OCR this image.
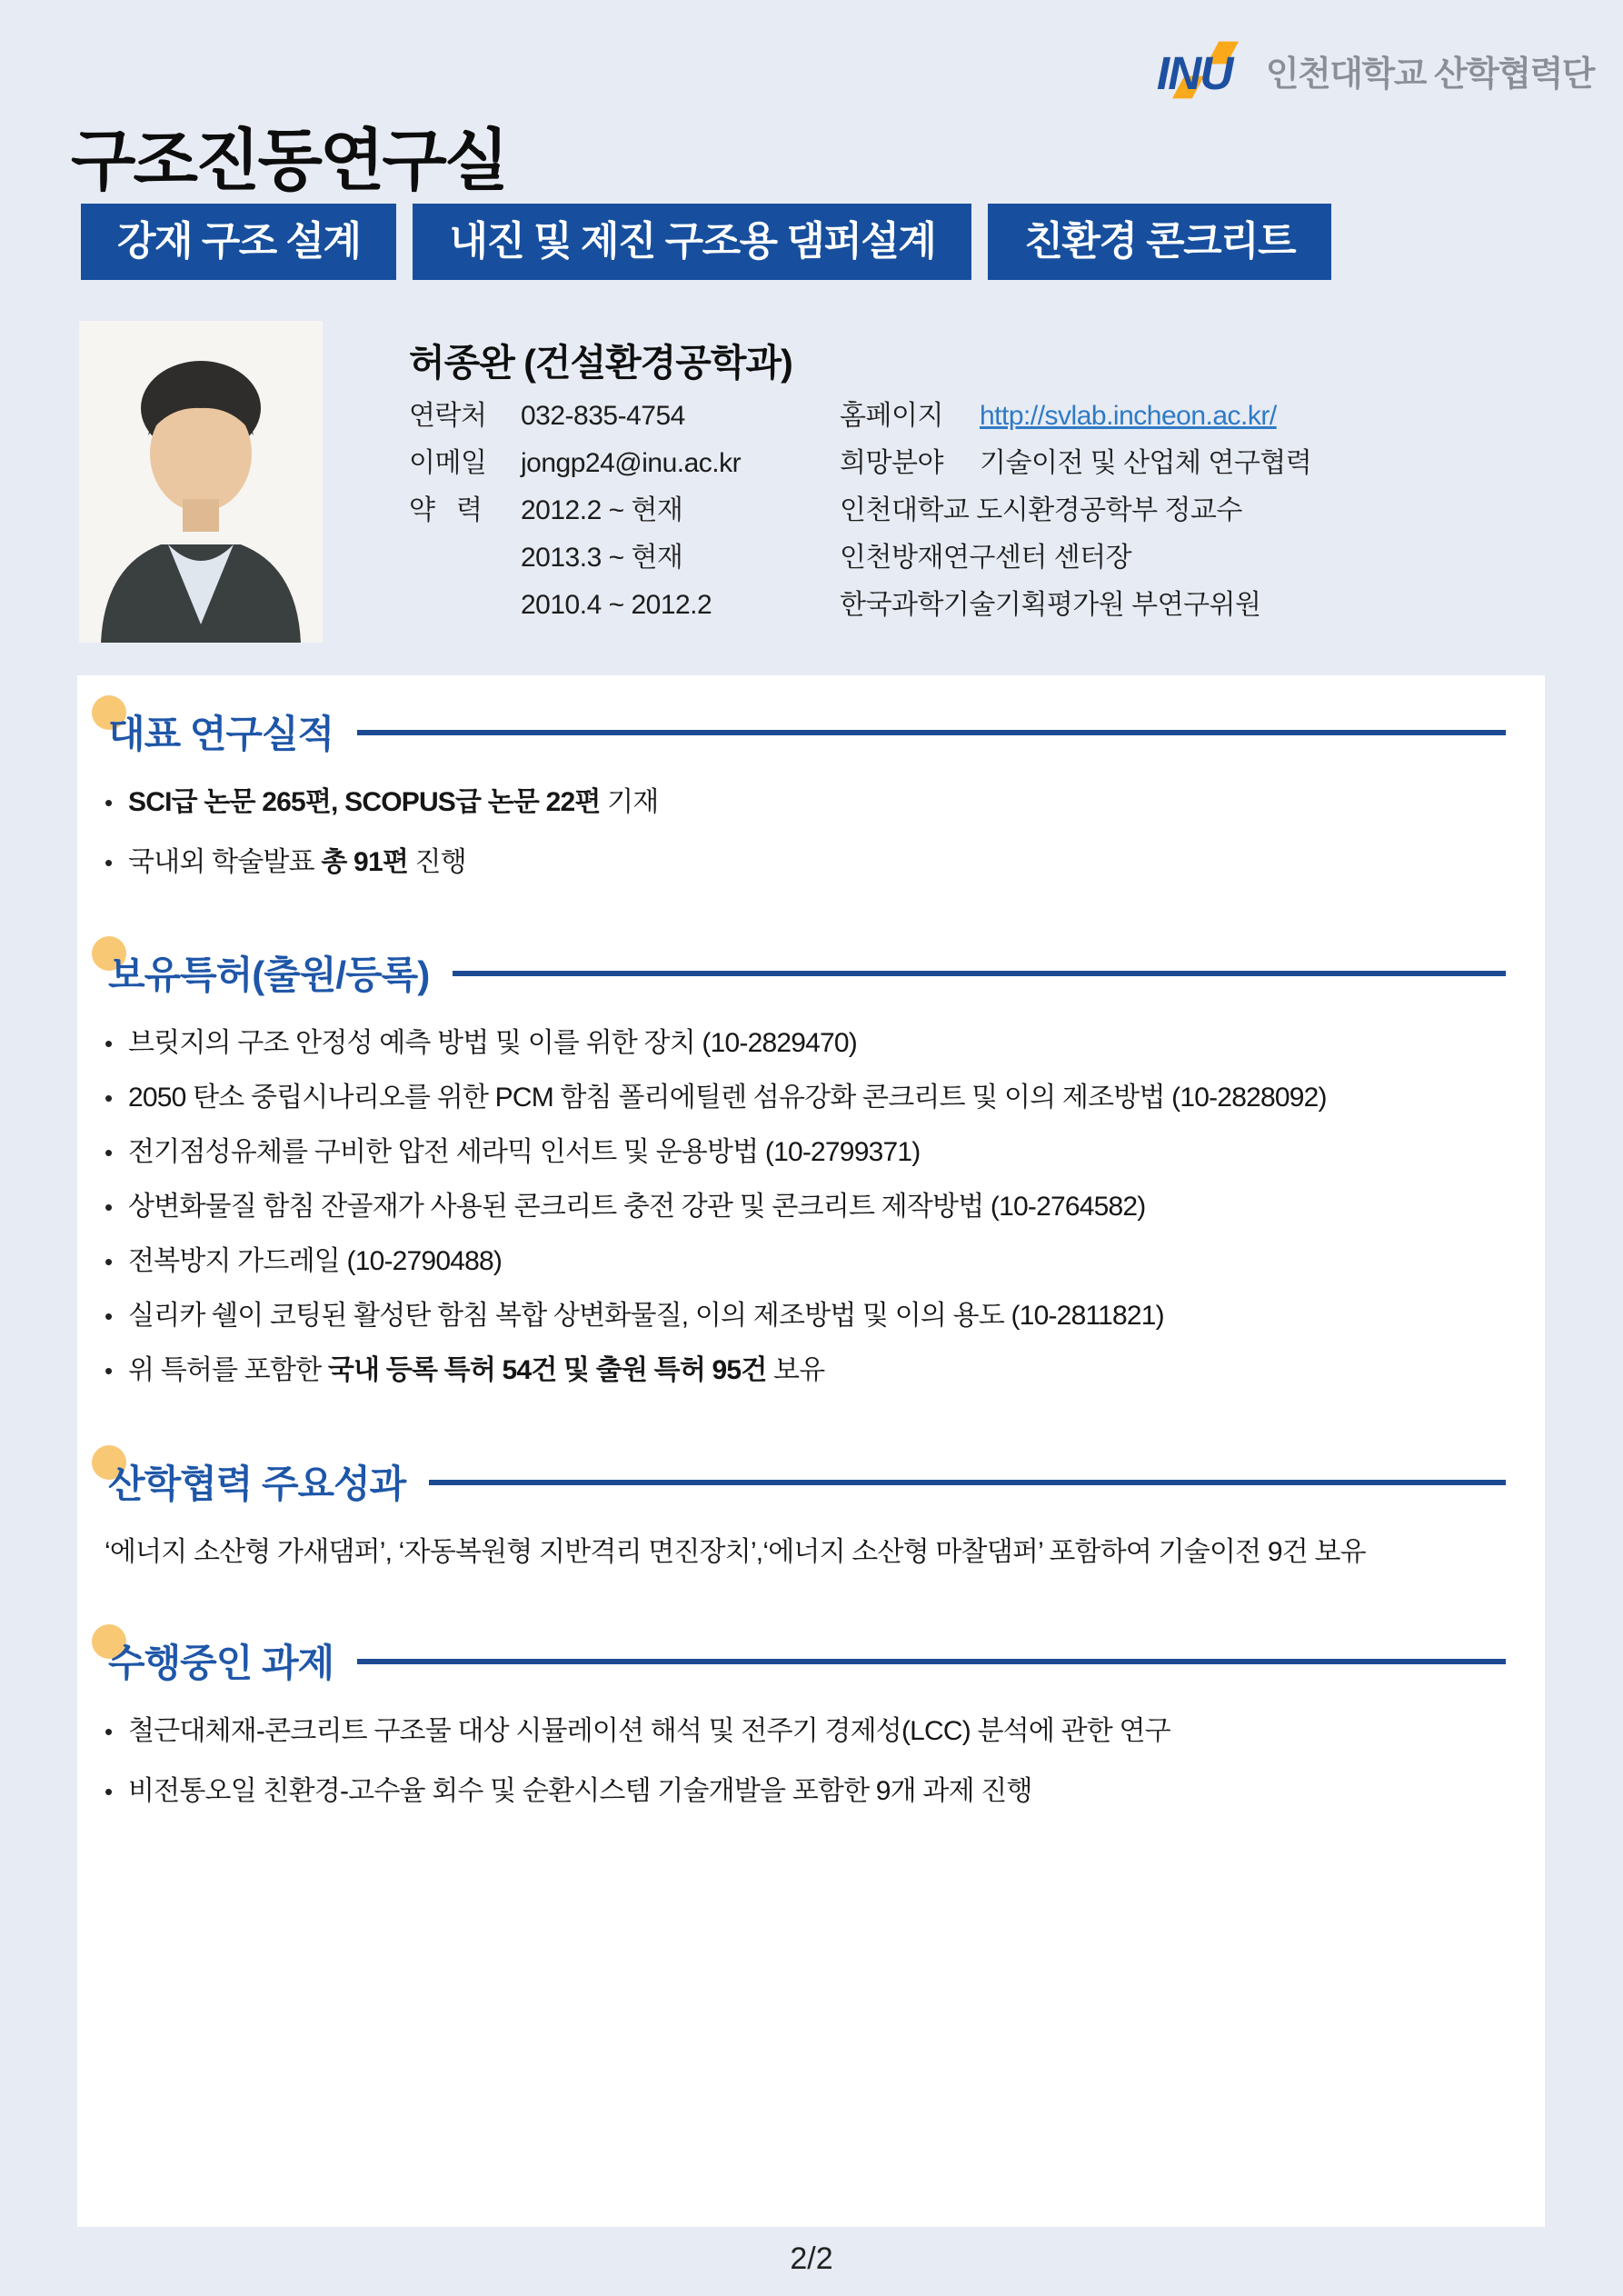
INU 인천대학교 산학협력단
구조진동연구실
강재 구조 설계	내진 및 제진 구조용 댐퍼설계	친환경 콘크리트
허종완 (건설환경공학과)
연락처	032-835-4754	홈페이지	http://svlab.incheon.ac.kr/
이메일	jongp24@inu.ac.kr	희망분야	기술이전 및 산업체 연구협력
약   력	2012.2 ~ 현재	인천대학교 도시환경공학부 정교수
2013.3 ~ 현재	인천방재연구센터 센터장
2010.4 ~ 2012.2	한국과학기술기획평가원 부연구위원
대표 연구실적
• SCI급 논문 265편, SCOPUS급 논문 22편 기재
• 국내외 학술발표 총 91편 진행
보유특허(출원/등록)
• 브릿지의 구조 안정성 예측 방법 및 이를 위한 장치 (10-2829470)
• 2050 탄소 중립시나리오를 위한 PCM 함침 폴리에틸렌 섬유강화 콘크리트 및 이의 제조방법 (10-2828092)
• 전기점성유체를 구비한 압전 세라믹 인서트 및 운용방법 (10-2799371)
• 상변화물질 함침 잔골재가 사용된 콘크리트 충전 강관 및 콘크리트 제작방법 (10-2764582)
• 전복방지 가드레일 (10-2790488)
• 실리카 쉘이 코팅된 활성탄 함침 복합 상변화물질, 이의 제조방법 및 이의 용도 (10-2811821)
• 위 특허를 포함한 국내 등록 특허 54건 및 출원 특허 95건 보유
산학협력 주요성과
‘에너지 소산형 가새댐퍼’, ‘자동복원형 지반격리 면진장치’,‘에너지 소산형 마찰댐퍼’ 포함하여 기술이전 9건 보유
수행중인 과제
• 철근대체재-콘크리트 구조물 대상 시뮬레이션 해석 및 전주기 경제성(LCC) 분석에 관한 연구
• 비전통오일 친환경-고수율 회수 및 순환시스템 기술개발을 포함한 9개 과제 진행
2/2
